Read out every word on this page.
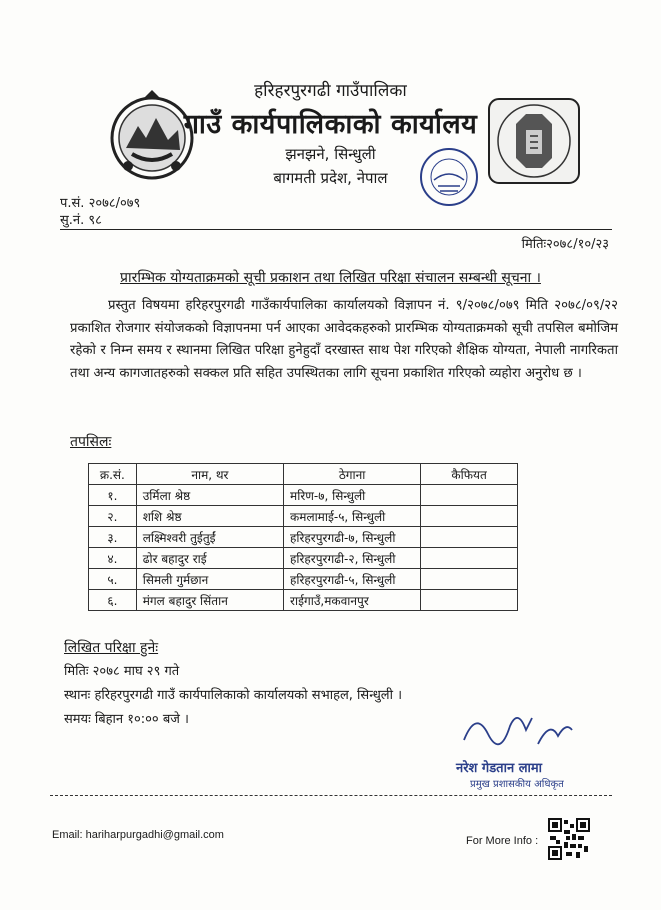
हरिहरपुरगढी गाउँपालिका
गाउँ कार्यपालिकाको कार्यालय
झनझने, सिन्धुली
बागमती प्रदेश, नेपाल
प.सं. २०७८/०७९
सु.नं. ९८
मितिः२०७८/१०/२३
प्रारम्भिक योग्यताक्रमको सूची प्रकाशन तथा लिखित परिक्षा संचालन सम्बन्धी सूचना ।
प्रस्तुत विषयमा हरिहरपुरगढी गाउँकार्यपालिका कार्यालयको विज्ञापन नं. ९/२०७८/०७९ मिति २०७८/०९/२२ प्रकाशित रोजगार संयोजकको विज्ञापनमा पर्न आएका आवेदकहरुको प्रारम्भिक योग्यताक्रमको सूची तपसिल बमोजिम रहेको र निम्न समय र स्थानमा लिखित परिक्षा हुनेहुदाँ दरखास्त साथ पेश गरिएको शैक्षिक योग्यता, नेपाली नागरिकता तथा अन्य कागजातहरुको सक्कल प्रति सहित उपस्थितका लागि सूचना प्रकाशित गरिएको व्यहोरा अनुरोध छ ।
तपसिलः
क्र.सं.	नाम, थर	ठेगाना	कैफियत
१.	उर्मिला श्रेष्ठ	मरिण-७, सिन्धुली	
२.	शशि श्रेष्ठ	कमलामाई-५, सिन्धुली	
३.	लक्ष्मिश्वरी तुईतुईं	हरिहरपुरगढी-७, सिन्धुली	
४.	ढोर बहादुर राई	हरिहरपुरगढी-२, सिन्धुली	
५.	सिमली गुर्मछान	हरिहरपुरगढी-५, सिन्धुली	
६.	मंगल बहादुर सिंतान	राईगाउँ,मकवानपुर	
लिखित परिक्षा हुनेः
मितिः २०७८ माघ २९ गते
स्थानः हरिहरपुरगढी गाउँ कार्यपालिकाको कार्यालयको सभाहल, सिन्धुली ।
समयः बिहान १०:०० बजे ।
नरेश गेडतान लामा
प्रमुख प्रशासकीय अधिकृत
Email: hariharpurgadhi@gmail.com	For More Info :
